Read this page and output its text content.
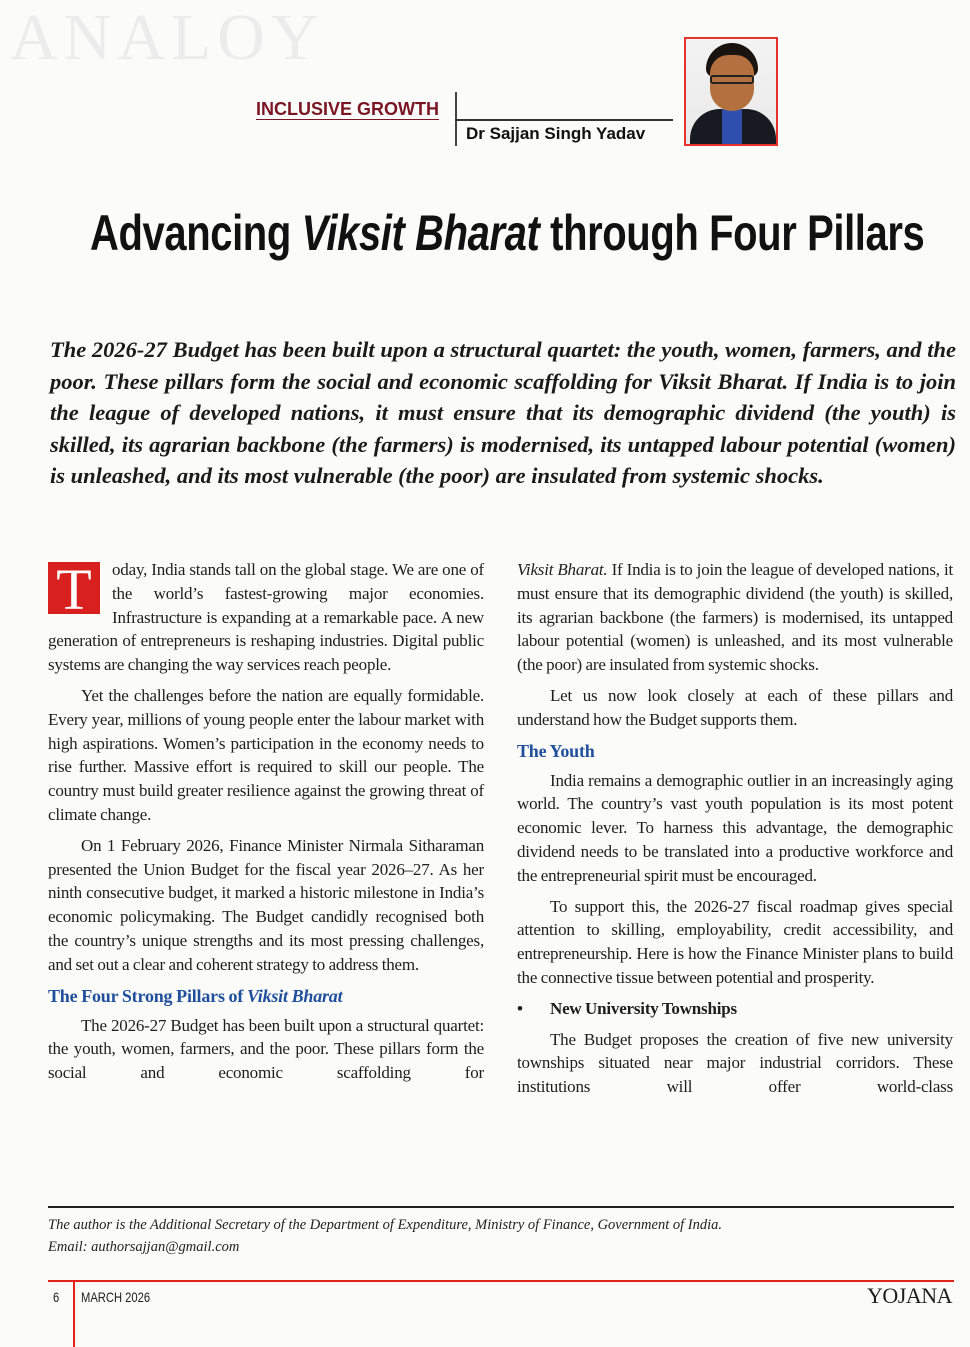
ANALOY
INCLUSIVE GROWTH
Dr Sajjan Singh Yadav
Advancing Viksit Bharat through Four Pillars

The 2026-27 Budget has been built upon a structural quartet: the youth, women, farmers, and the poor. These pillars form the social and economic scaffolding for Viksit Bharat. If India is to join the league of developed nations, it must ensure that its demographic dividend (the youth) is skilled, its agrarian backbone (the farmers) is modernised, its untapped labour potential (women) is unleashed, and its most vulnerable (the poor) are insulated from systemic shocks.

T	oday, India stands tall on the global stage. We are one of the world’s fastest-growing major economies. Infrastructure is expanding at a remarkable pace. A new generation of entrepreneurs is reshaping industries. Digital public systems are changing the way services reach people.

Yet the challenges before the nation are equally formidable. Every year, millions of young people enter the labour market with high aspirations. Women’s participation in the economy needs to rise further. Massive effort is required to skill our people. The country must build greater resilience against the growing threat of climate change.

On 1 February 2026, Finance Minister Nirmala Sitharaman presented the Union Budget for the fiscal year 2026–27. As her ninth consecutive budget, it marked a historic milestone in India’s economic policymaking. The Budget candidly recognised both the country’s unique strengths and its most pressing challenges, and set out a clear and coherent strategy to address them.

The Four Strong Pillars of Viksit Bharat

The 2026-27 Budget has been built upon a structural quartet: the youth, women, farmers, and the poor. These pillars form the social and economic scaffolding for

Viksit Bharat. If India is to join the league of developed nations, it must ensure that its demographic dividend (the youth) is skilled, its agrarian backbone (the farmers) is modernised, its untapped labour potential (women) is unleashed, and its most vulnerable (the poor) are insulated from systemic shocks.

Let us now look closely at each of these pillars and understand how the Budget supports them.

The Youth

India remains a demographic outlier in an increasingly aging world. The country’s vast youth population is its most potent economic lever. To harness this advantage, the demographic dividend needs to be translated into a productive workforce and the entrepreneurial spirit must be encouraged.

To support this, the 2026-27 fiscal roadmap gives special attention to skilling, employability, credit accessibility, and entrepreneurship. Here is how the Finance Minister plans to build the connective tissue between potential and prosperity.

•	New University Townships

The Budget proposes the creation of five new university townships situated near major industrial corridors. These institutions will offer world-class

The author is the Additional Secretary of the Department of Expenditure, Ministry of Finance, Government of India.
Email: authorsajjan@gmail.com
6 MARCH 2026	YOJANA
